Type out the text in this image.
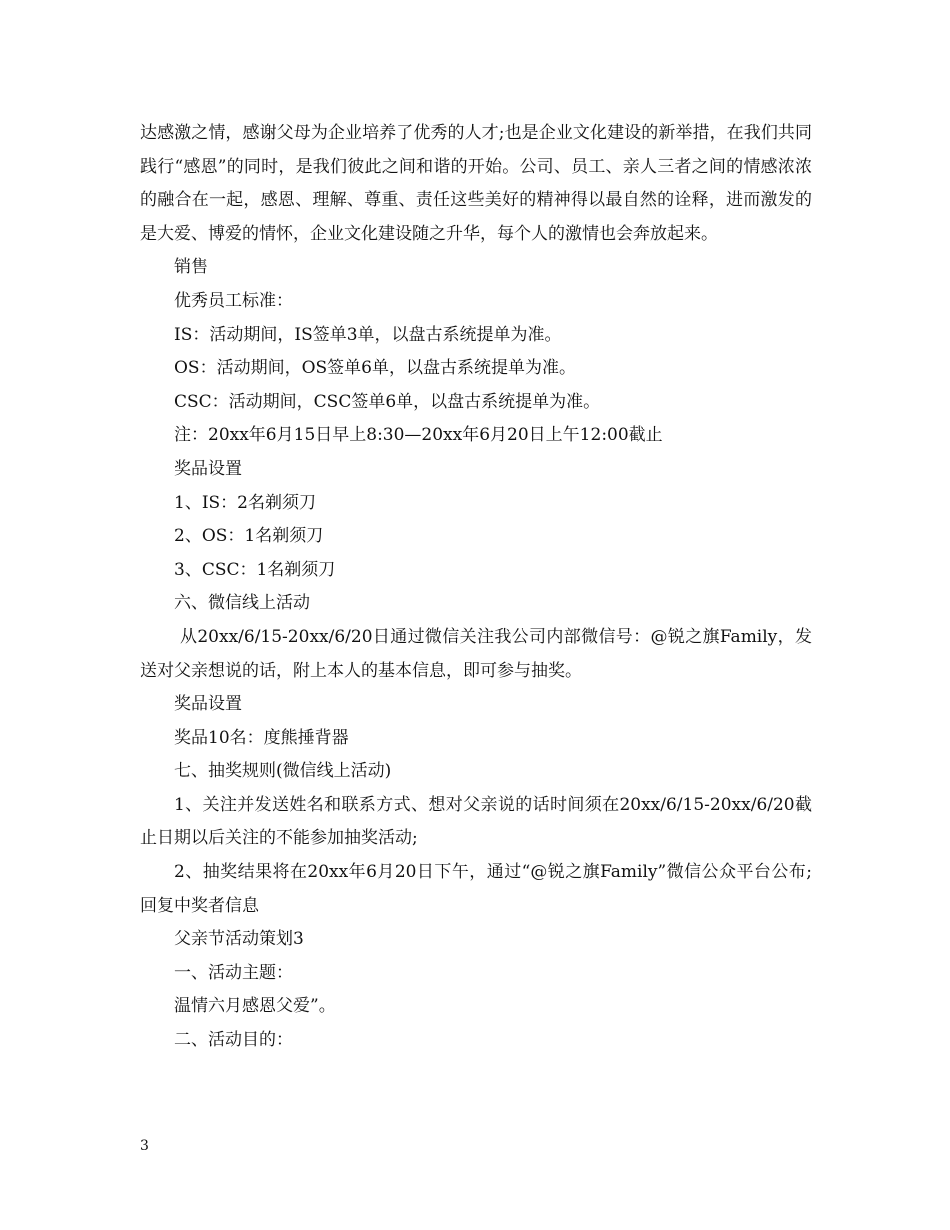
达感激之情，感谢父母为企业培养了优秀的人才;也是企业文化建设的新举措，在我们共同践行“感恩”的同时，是我们彼此之间和谐的开始。公司、员工、亲人三者之间的情感浓浓的融合在一起，感恩、理解、尊重、责任这些美好的精神得以最自然的诠释，进而激发的是大爱、博爱的情怀，企业文化建设随之升华，每个人的激情也会奔放起来。

销售

优秀员工标准：

IS：活动期间，IS签单3单，以盘古系统提单为准。

OS：活动期间，OS签单6单，以盘古系统提单为准。

CSC：活动期间，CSC签单6单，以盘古系统提单为准。

注：20xx年6月15日早上8:30—20xx年6月20日上午12:00截止

奖品设置

1、IS：2名剃须刀

2、OS：1名剃须刀

3、CSC：1名剃须刀

六、微信线上活动

从20xx/6/15-20xx/6/20日通过微信关注我公司内部微信号：@锐之旗Family，发送对父亲想说的话，附上本人的基本信息，即可参与抽奖。

奖品设置

奖品10名：度熊捶背器

七、抽奖规则(微信线上活动)

1、关注并发送姓名和联系方式、想对父亲说的话时间须在20xx/6/15-20xx/6/20截止日期以后关注的不能参加抽奖活动;

2、抽奖结果将在20xx年6月20日下午，通过“@锐之旗Family”微信公众平台公布;回复中奖者信息

父亲节活动策划3

一、活动主题：

温情六月感恩父爱”。

二、活动目的：

3
